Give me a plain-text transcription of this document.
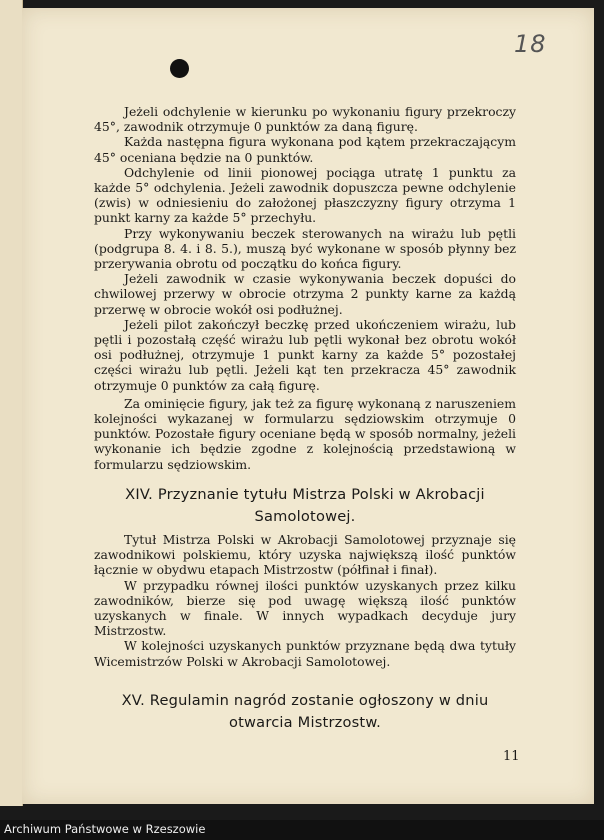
18

Jeżeli odchylenie w kierunku po wykonaniu figury przekroczy 45°, zawodnik otrzymuje 0 punktów za daną figurę.

Każda następna figura wykonana pod kątem przekraczającym 45° oceniana będzie na 0 punktów.

Odchylenie od linii pionowej pociąga utratę 1 punktu za każde 5° odchylenia. Jeżeli zawodnik dopuszcza pewne odchylenie (zwis) w odniesieniu do założonej płaszczyzny figury otrzyma 1 punkt karny za każde 5° przechyłu.

Przy wykonywaniu beczek sterowanych na wirażu lub pętli (podgrupa 8. 4. i 8. 5.), muszą być wykonane w sposób płynny bez przerywania obrotu od początku do końca figury.

Jeżeli zawodnik w czasie wykonywania beczek dopuści do chwilowej przerwy w obrocie otrzyma 2 punkty karne za każdą przerwę w obrocie wokół osi podłużnej.

Jeżeli pilot zakończył beczkę przed ukończeniem wirażu, lub pętli i pozostałą część wirażu lub pętli wykonał bez obrotu wokół osi podłużnej, otrzymuje 1 punkt karny za każde 5° pozostałej części wirażu lub pętli. Jeżeli kąt ten przekracza 45° zawodnik otrzymuje 0 punktów za całą figurę.

Za ominięcie figury, jak też za figurę wykonaną z naruszeniem kolejności wykazanej w formularzu sędziowskim otrzymuje 0 punktów. Pozostałe figury oceniane będą w sposób normalny, jeżeli wykonanie ich będzie zgodne z kolejnością przedstawioną w formularzu sędziowskim.

XIV. Przyznanie tytułu Mistrza Polski w Akrobacji Samolotowej.

Tytuł Mistrza Polski w Akrobacji Samolotowej przyznaje się zawodnikowi polskiemu, który uzyska największą ilość punktów łącznie w obydwu etapach Mistrzostw (półfinał i finał).

W przypadku równej ilości punktów uzyskanych przez kilku zawodników, bierze się pod uwagę większą ilość punktów uzyskanych w finale. W innych wypadkach decyduje jury Mistrzostw.

W kolejności uzyskanych punktów przyznane będą dwa tytuły Wicemistrzów Polski w Akrobacji Samolotowej.

XV. Regulamin nagród zostanie ogłoszony w dniu otwarcia Mistrzostw.
11
Archiwum Państwowe w Rzeszowie
